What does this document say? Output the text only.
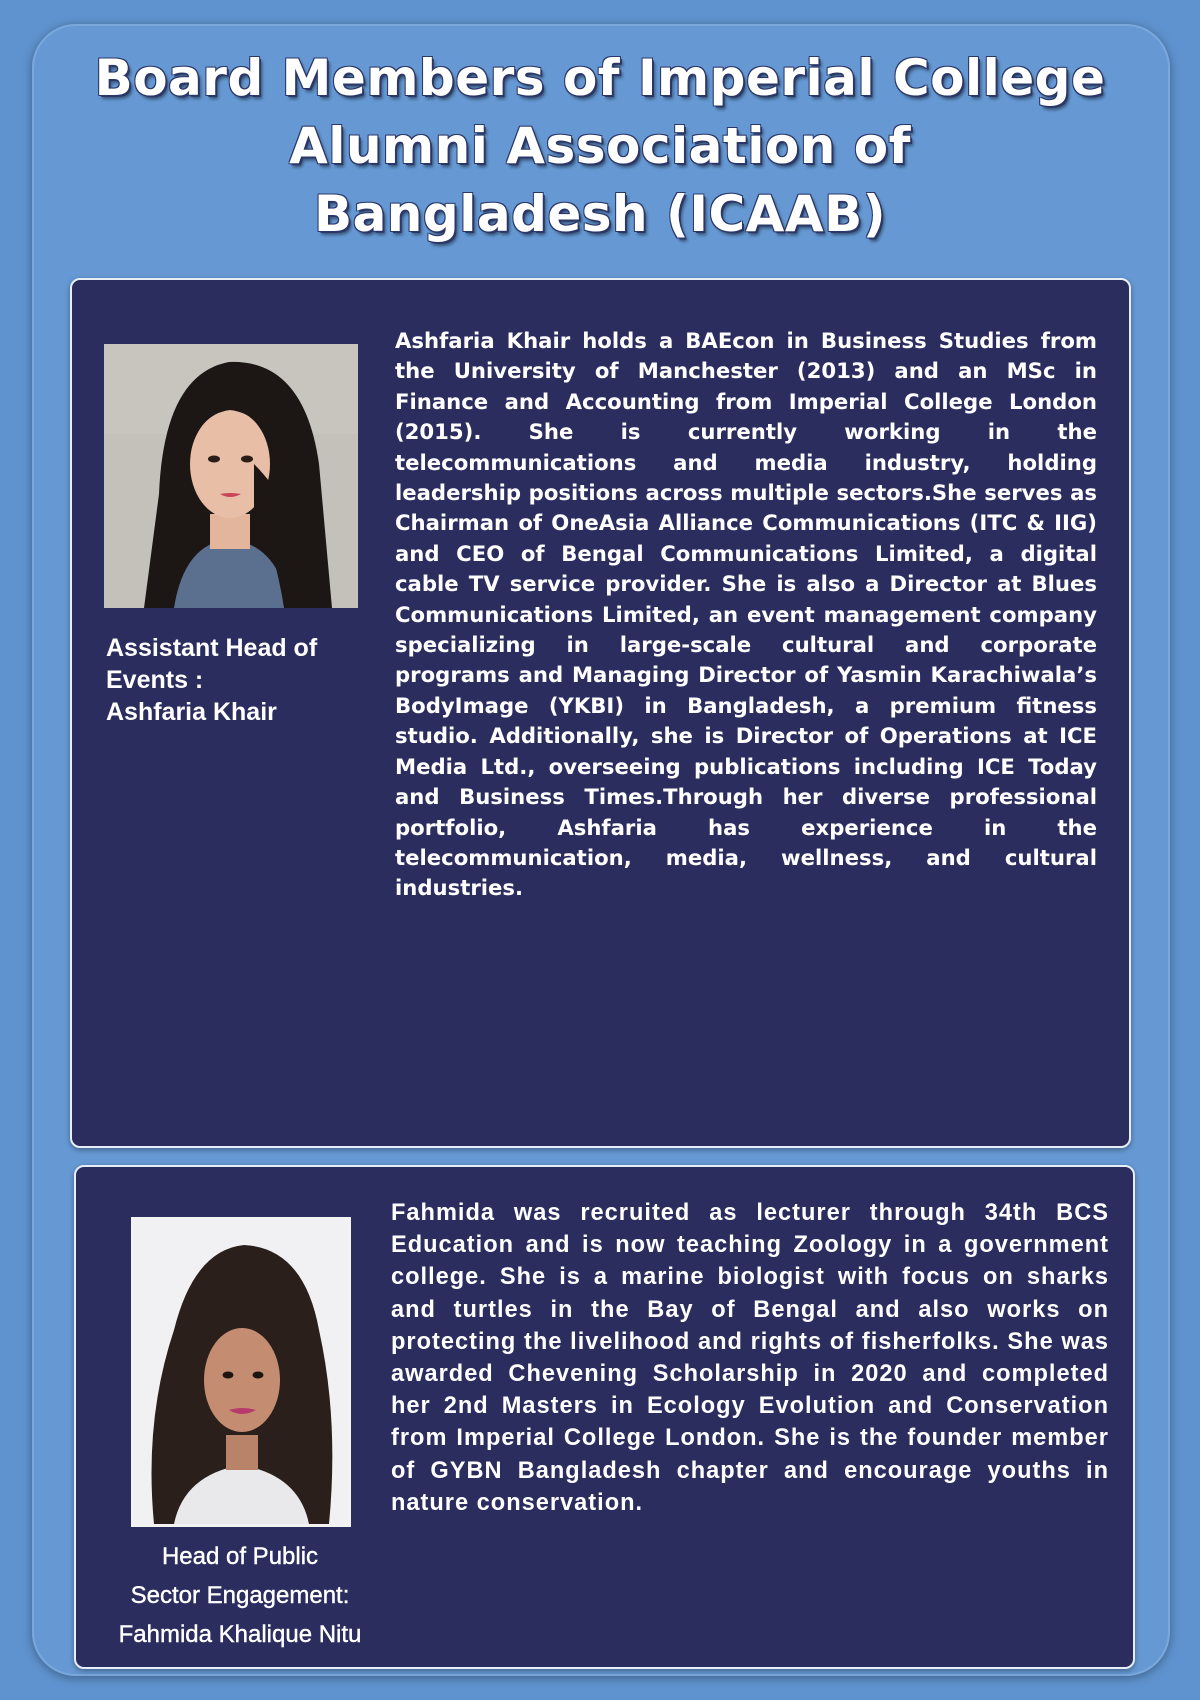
Board Members of Imperial College
Alumni Association of
Bangladesh (ICAAB)
Assistant Head of
Events :
Ashfaria Khair

Ashfaria Khair holds a BAEcon in Business Studies from the University of Manchester (2013) and an MSc in Finance and Accounting from Imperial College London (2015). She is currently working in the telecommunications and media industry, holding leadership positions across multiple sectors.She serves as Chairman of OneAsia Alliance Communications (ITC & IIG) and CEO of Bengal Communications Limited, a digital cable TV service provider. She is also a Director at Blues Communications Limited, an event management company specializing in large-scale cultural and corporate programs and Managing Director of Yasmin Karachiwala’s BodyImage (YKBI) in Bangladesh, a premium fitness studio. Additionally, she is Director of Operations at ICE Media Ltd., overseeing publications including ICE Today and Business Times.Through her diverse professional portfolio, Ashfaria has experience in the telecommunication, media, wellness, and cultural industries.

Head of Public
Sector Engagement:
Fahmida Khalique Nitu

Fahmida was recruited as lecturer through 34th BCS Education and is now teaching Zoology in a government college. She is a marine biologist with focus on sharks and turtles in the Bay of Bengal and also works on protecting the livelihood and rights of fisherfolks. She was awarded Chevening Scholarship in 2020 and completed her 2nd Masters in Ecology Evolution and Conservation from Imperial College London. She is the founder member of GYBN Bangladesh chapter and encourage youths in nature conservation.
